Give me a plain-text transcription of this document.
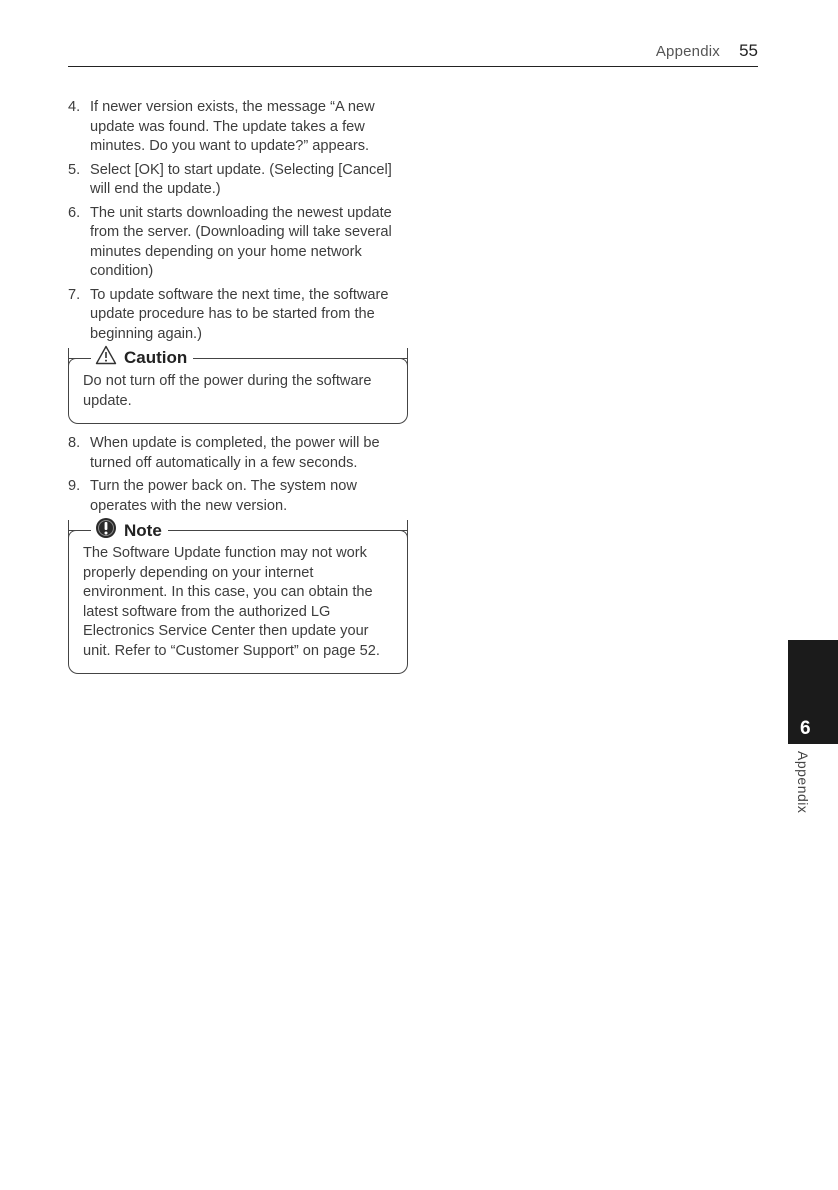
Appendix 55
4. If newer version exists, the message “A new update was found. The update takes a few minutes. Do you want to update?” appears.
5. Select [OK] to start update. (Selecting [Cancel] will end the update.)
6. The unit starts downloading the newest update from the server. (Downloading will take several minutes depending on your home network condition)
7. To update software the next time, the software update procedure has to be started from the beginning again.)
Caution
Do not turn off the power during the software update.
8. When update is completed, the power will be turned off automatically in a few seconds.
9. Turn the power back on. The system now operates with the new version.
Note
The Software Update function may not work properly depending on your internet environment. In this case, you can obtain the latest software from the authorized LG Electronics Service Center then update your unit. Refer to “Customer Support” on page 52.
6
Appendix
